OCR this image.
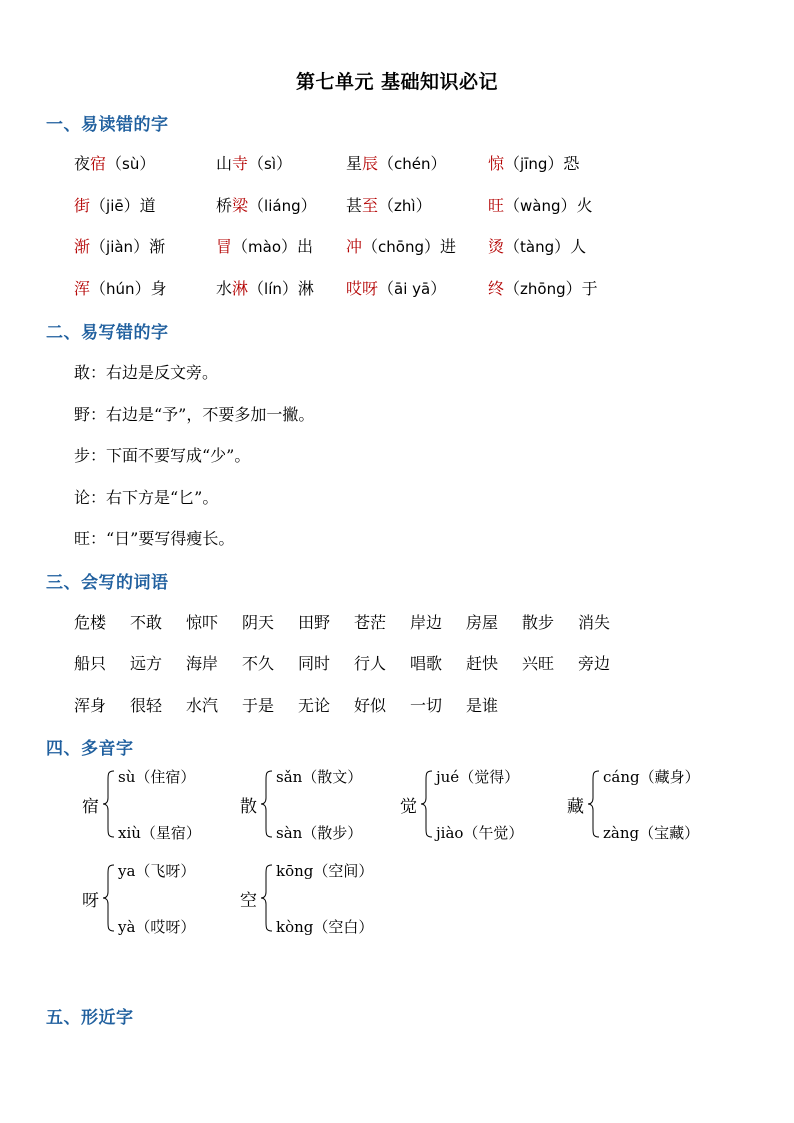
第七单元 基础知识必记
一、易读错的字
夜宿（sù）	山寺（sì）	星辰（chén）	惊（jīng）恐
街（jiē）道	桥梁（liáng） 甚至（zhì）	旺（wàng）火
渐（jiàn）渐	冒（mào）出 冲（chōng）进 烫（tàng）人
浑（hún）身	水淋（lín）淋 哎呀（āi yā）	终（zhōng）于
二、易写错的字
敢：右边是反文旁。
野：右边是“予”，不要多加一撇。
步：下面不要写成“少”。
论：右下方是“匕”。
旺：“日”要写得瘦长。
三、会写的词语
危楼 不敢 惊吓 阴天 田野 苍茫 岸边 房屋 散步 消失
船只 远方 海岸 不久 同时 行人 唱歌 赶快 兴旺 旁边
浑身 很轻 水汽 于是 无论 好似 一切 是谁
四、多音字
宿
sù（住宿）
xiù（星宿）
散
sǎn（散文）
sàn（散步）
觉
jué（觉得）
jiào（午觉）
藏
cáng（藏身）
zàng（宝藏）
呀
ya（飞呀）
yà（哎呀）
空
kōng（空间）
kòng（空白）
五、形近字
